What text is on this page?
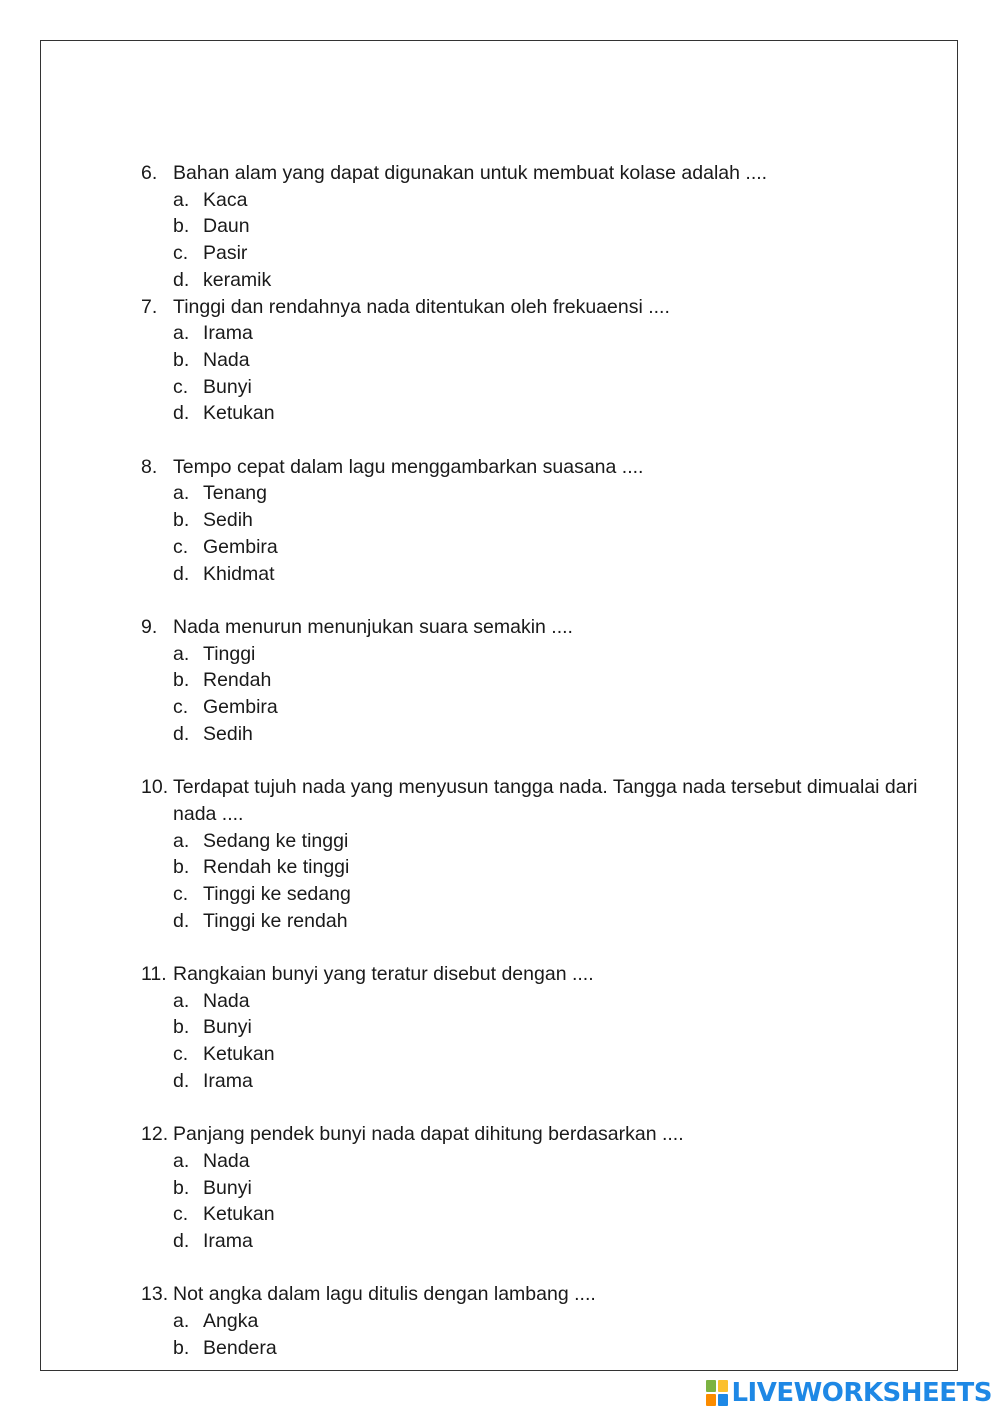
6. Bahan alam yang dapat digunakan untuk membuat kolase adalah ....
a. Kaca
b. Daun
c. Pasir
d. keramik
7. Tinggi dan rendahnya nada ditentukan oleh frekuaensi ....
a. Irama
b. Nada
c. Bunyi
d. Ketukan
8. Tempo cepat dalam lagu menggambarkan suasana ....
a. Tenang
b. Sedih
c. Gembira
d. Khidmat
9. Nada menurun menunjukan suara semakin ....
a. Tinggi
b. Rendah
c. Gembira
d. Sedih
10. Terdapat tujuh nada yang menyusun tangga nada. Tangga nada tersebut dimualai dari nada ....
a. Sedang ke tinggi
b. Rendah ke tinggi
c. Tinggi ke sedang
d. Tinggi ke rendah
11. Rangkaian bunyi yang teratur disebut dengan ....
a. Nada
b. Bunyi
c. Ketukan
d. Irama
12. Panjang pendek bunyi nada dapat dihitung berdasarkan ....
a. Nada
b. Bunyi
c. Ketukan
d. Irama
13. Not angka dalam lagu ditulis dengan lambang ....
a. Angka
b. Bendera
LIVEWORKSHEETS
